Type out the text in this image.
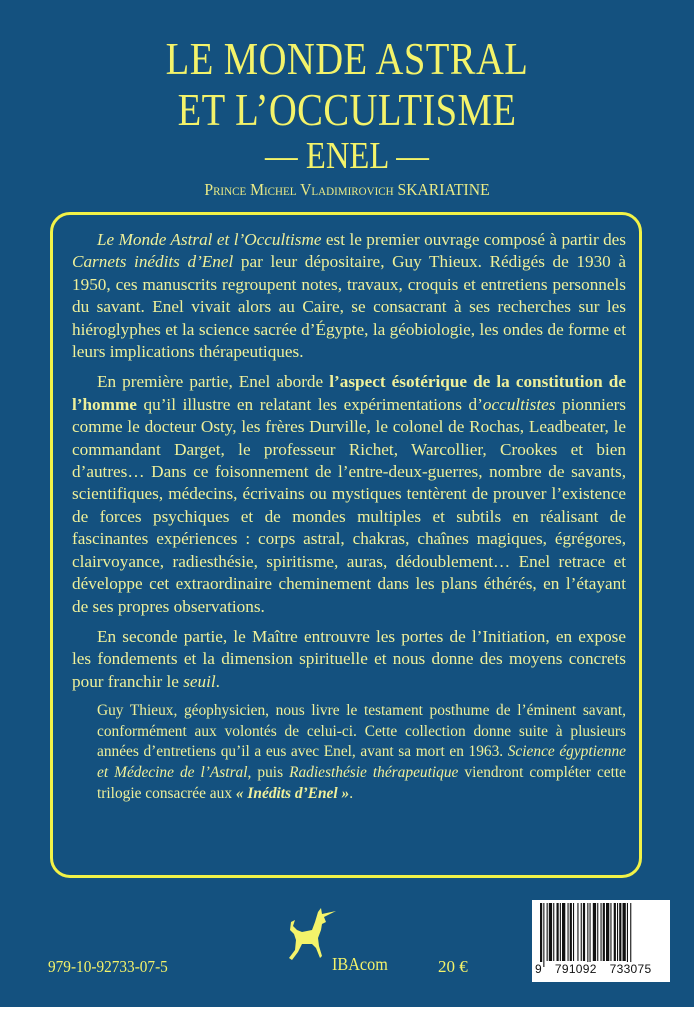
LE MONDE ASTRAL
ET L’OCCULTISME
— ENEL —
Prince Michel Vladimirovich SKARIATINE

Le Monde Astral et l’Occultisme est le premier ouvrage composé à partir des Carnets inédits d’Enel par leur dépositaire, Guy Thieux. Rédigés de 1930 à 1950, ces manuscrits regroupent notes, travaux, croquis et entretiens personnels du savant. Enel vivait alors au Caire, se consacrant à ses recherches sur les hiéroglyphes et la science sacrée d’Égypte, la géobiologie, les ondes de forme et leurs implications thérapeutiques.

En première partie, Enel aborde l’aspect ésotérique de la constitution de l’homme qu’il illustre en relatant les expérimentations d’occultistes pionniers comme le docteur Osty, les frères Durville, le colonel de Rochas, Leadbeater, le commandant Darget, le professeur Richet, Warcollier, Crookes et bien d’autres… Dans ce foisonnement de l’entre-deux-guerres, nombre de savants, scientifiques, médecins, écrivains ou mystiques tentèrent de prouver l’existence de forces psychiques et de mondes multiples et subtils en réalisant de fascinantes expériences : corps astral, chakras, chaînes magiques, égrégores, clairvoyance, radiesthésie, spiritisme, auras, dédoublement… Enel retrace et développe cet extraordinaire cheminement dans les plans éthérés, en l’étayant de ses propres observations.

En seconde partie, le Maître entrouvre les portes de l’Initiation, en expose les fondements et la dimension spirituelle et nous donne des moyens concrets pour franchir le seuil.

Guy Thieux, géophysicien, nous livre le testament posthume de l’éminent savant, conformément aux volontés de celui-ci. Cette collection donne suite à plusieurs années d’entretiens qu’il a eus avec Enel, avant sa mort en 1963. Science égyptienne et Médecine de l’Astral, puis Radiesthésie thérapeutique viendront compléter cette trilogie consacrée aux « Inédits d’Enel ».

979-10-92733-07-5	IBAcom	20 €	9 791092 733075
